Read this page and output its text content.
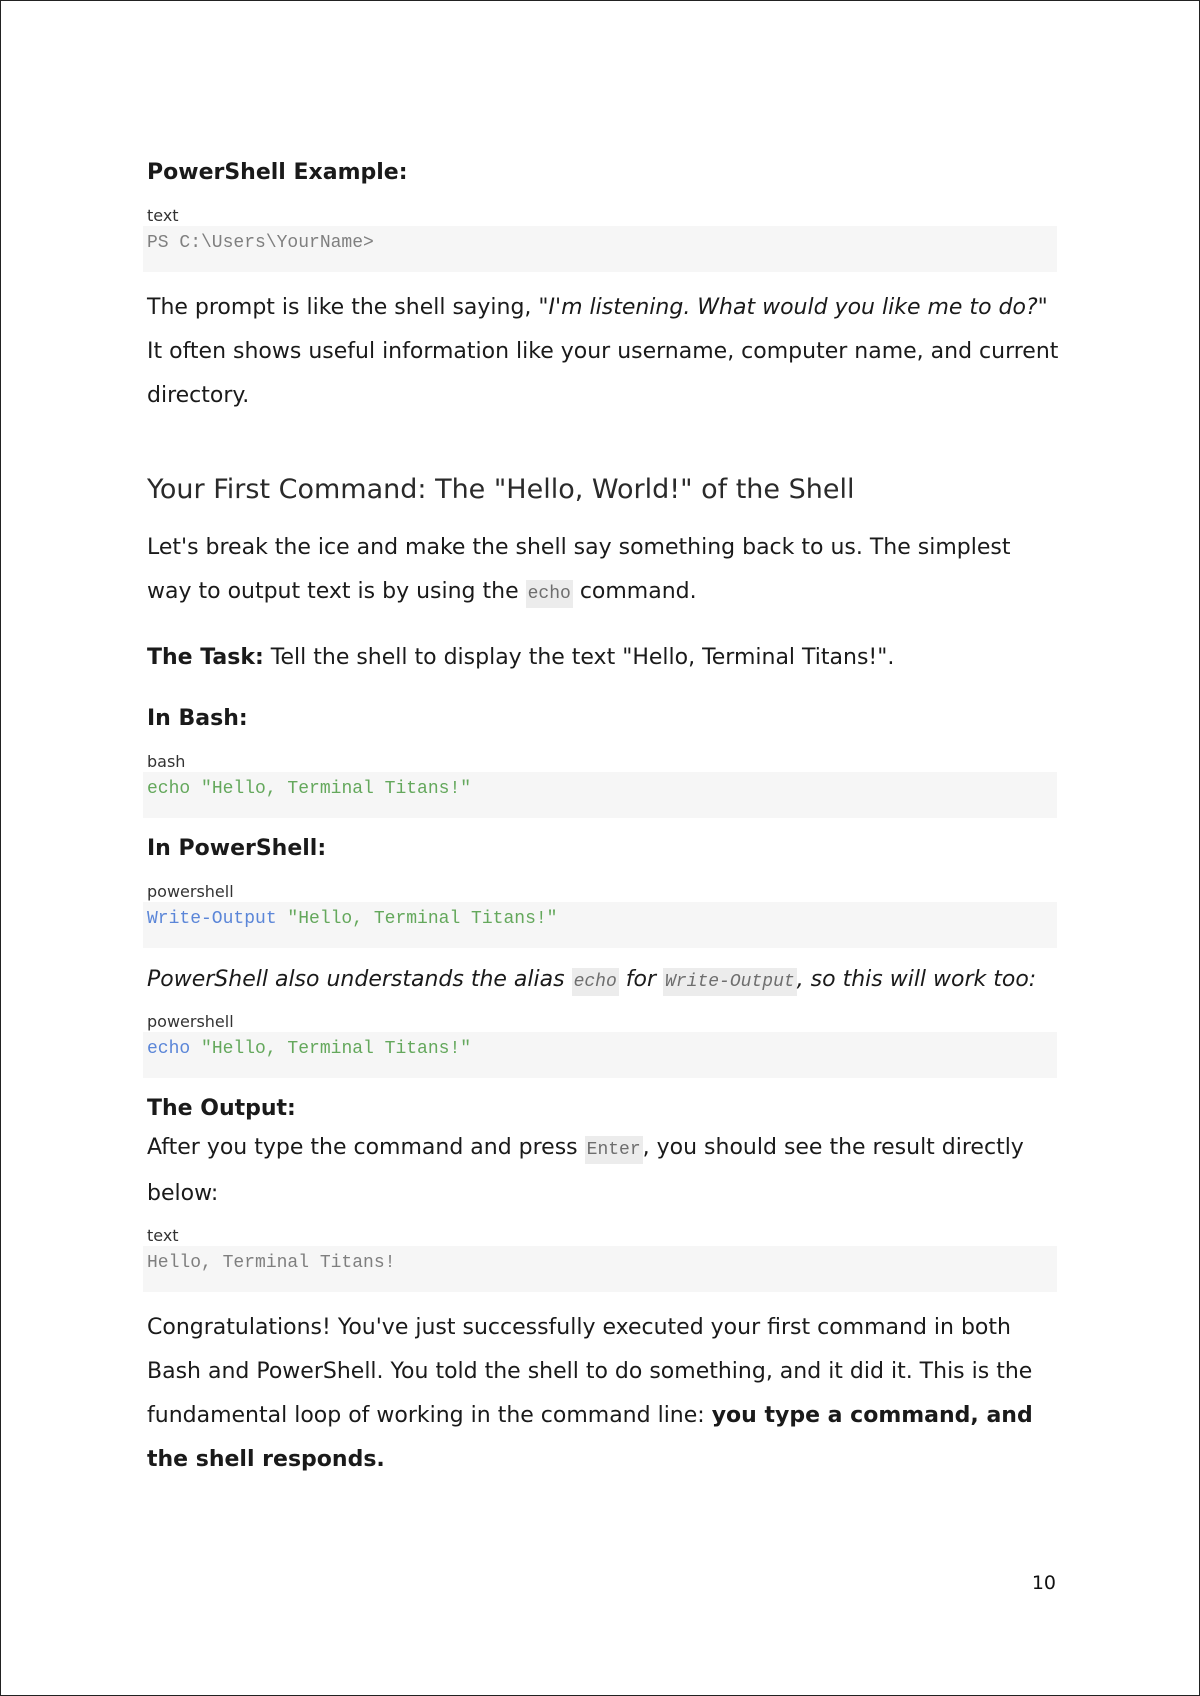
PowerShell Example:

text
PS C:\Users\YourName>

The prompt is like the shell saying, "I'm listening. What would you like me to do?" It often shows useful information like your username, computer name, and current directory.

Your First Command: The "Hello, World!" of the Shell

Let's break the ice and make the shell say something back to us. The simplest way to output text is by using the echo command.

The Task: Tell the shell to display the text "Hello, Terminal Titans!".

In Bash:

bash
echo "Hello, Terminal Titans!"

In PowerShell:

powershell
Write-Output "Hello, Terminal Titans!"

PowerShell also understands the alias echo for Write-Output, so this will work too:

powershell
echo "Hello, Terminal Titans!"

The Output:

After you type the command and press Enter, you should see the result directly below:

text
Hello, Terminal Titans!

Congratulations! You've just successfully executed your first command in both Bash and PowerShell. You told the shell to do something, and it did it. This is the fundamental loop of working in the command line: you type a command, and the shell responds.

10
